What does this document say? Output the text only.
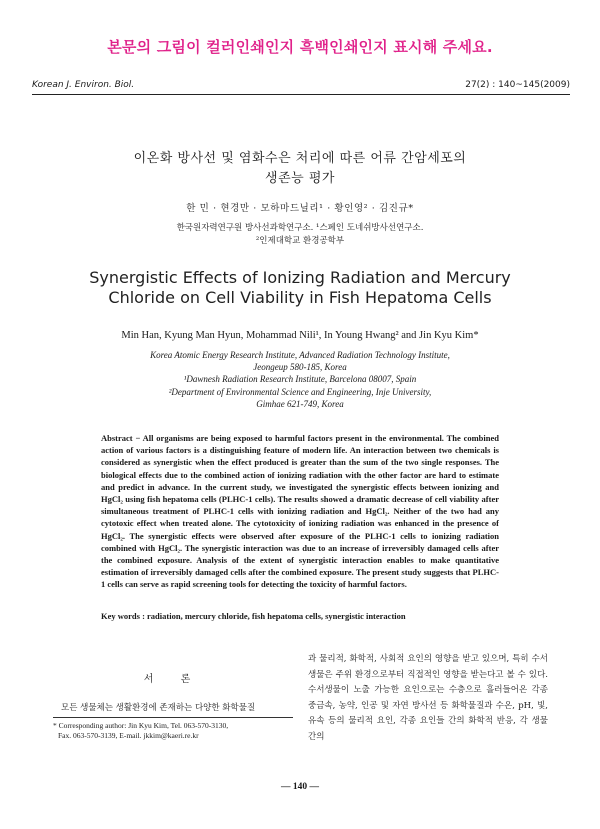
본문의 그림이 컬러인쇄인지 흑백인쇄인지 표시해 주세요.
Korean J. Environ. Biol.	27(2) : 140~145(2009)
이온화 방사선 및 염화수은 처리에 따른 어류 간암세포의
생존능 평가
한 민 · 현경만 · 모하마드닐리¹ · 황인영² · 김진규*
한국원자력연구원 방사선과학연구소. ¹스페인 도네쉬방사선연구소.
²인제대학교 환경공학부
Synergistic Effects of Ionizing Radiation and Mercury
Chloride on Cell Viability in Fish Hepatoma Cells
Min Han, Kyung Man Hyun, Mohammad Nili¹, In Young Hwang² and Jin Kyu Kim*
Korea Atomic Energy Research Institute, Advanced Radiation Technology Institute,
Jeongeup 580-185, Korea
¹Dawnesh Radiation Research Institute, Barcelona 08007, Spain
²Department of Environmental Science and Engineering, Inje University,
Gimhae 621-749, Korea
Abstract − All organisms are being exposed to harmful factors present in the environmental. The combined action of various factors is a distinguishing feature of modern life. An interaction between two chemicals is considered as synergistic when the effect produced is greater than the sum of the two single responses. The biological effects due to the combined action of ionizing radiation with the other factor are hard to estimate and predict in advance. In the current study, we investigated the synergistic effects between ionizing and HgCl₂ using fish hepatoma cells (PLHC-1 cells). The results showed a dramatic decrease of cell viability after simultaneous treatment of PLHC-1 cells with ionizing radiation and HgCl₂. Neither of the two had any cytotoxic effect when treated alone. The cytotoxicity of ionizing radiation was enhanced in the presence of HgCl₂. The synergistic effects were observed after exposure of the PLHC-1 cells to ionizing radiation combined with HgCl₂. The synergistic interaction was due to an increase of irreversibly damaged cells after the combined exposure. Analysis of the extent of synergistic interaction enables to make quantitative estimation of irreversibly damaged cells after the combined exposure. The present study suggests that PLHC-1 cells can serve as rapid screening tools for detecting the toxicity of harmful factors.
Key words : radiation, mercury chloride, fish hepatoma cells, synergistic interaction
서 론
모든 생물체는 생활환경에 존재하는 다양한 화학물질
* Corresponding author: Jin Kyu Kim, Tel. 063-570-3130,
Fax. 063-570-3139, E-mail. jkkim@kaeri.re.kr
과 물리적, 화학적, 사회적 요인의 영향을 받고 있으며, 특히 수서생물은 주위 환경으로부터 직접적인 영향을 받는다고 볼 수 있다. 수서생물이 노출 가능한 요인으로는 수층으로 흘러들어온 각종 중금속, 농약, 인공 및 자연 방사선 등 화학물질과 수온, pH, 빛, 유속 등의 물리적 요인, 각종 요인들 간의 화학적 반응, 각 생물 간의
— 140 —
